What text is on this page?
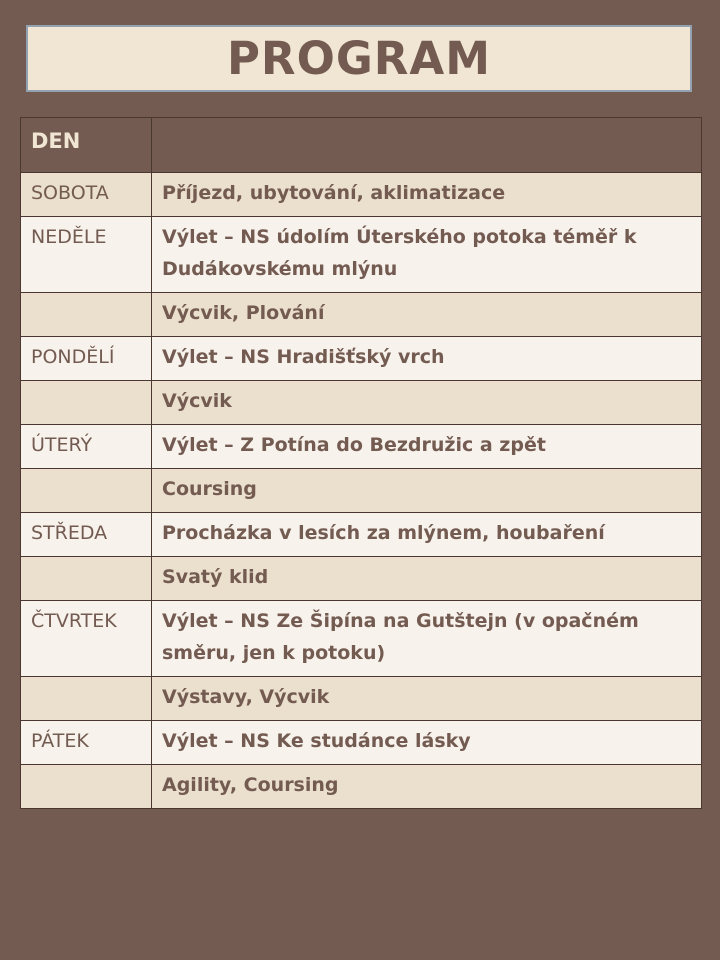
PROGRAM
DEN	
SOBOTA	Příjezd, ubytování, aklimatizace
NEDĚLE	Výlet – NS údolím Úterského potoka téměř k Dudákovskému mlýnu
	Výcvik, Plování
PONDĚLÍ	Výlet – NS Hradišťský vrch
	Výcvik
ÚTERÝ	Výlet – Z Potína do Bezdružic a zpět
	Coursing
STŘEDA	Procházka v lesích za mlýnem, houbaření
	Svatý klid
ČTVRTEK	Výlet – NS Ze Šipína na Gutštejn (v opačném směru, jen k potoku)
	Výstavy, Výcvik
PÁTEK	Výlet – NS Ke studánce lásky
	Agility, Coursing
